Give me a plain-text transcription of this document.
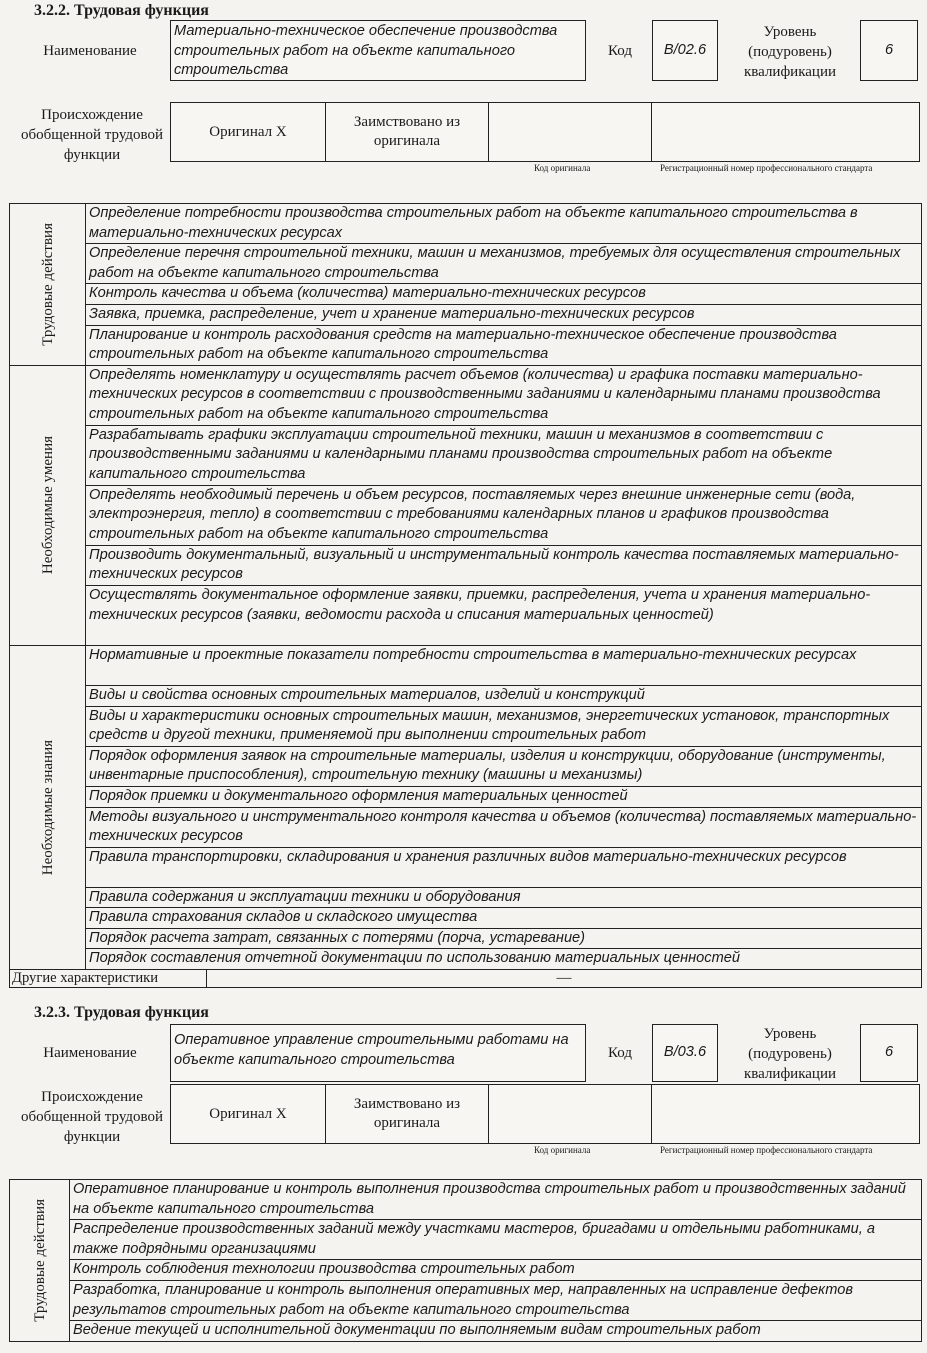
3.2.2. Трудовая функция
Наименование
Материально-техническое обеспечение производства строительных работ на объекте капитального строительства
Код	В/02.6
Уровень (подуровень) квалификации
6
Происхождение обобщенной трудовой функции
Оригинал X
Заимствовано из оригинала
Код оригинала	Регистрационный номер профессионального стандарта
Трудовые действия	Определение потребности производства строительных работ на объекте капитального строительства в материально-технических ресурсах	
	Определение перечня строительной техники, машин и механизмов, требуемых для осуществления строительных работ на объекте капитального строительства	
	Контроль качества и объема (количества) материально-технических ресурсов	
	Заявка, приемка, распределение, учет и хранение материально-технических ресурсов	
	Планирование и контроль расходования средств на материально-техническое обеспечение производства строительных работ на объекте капитального строительства	

Необходимые умения	Определять номенклатуру и осуществлять расчет объемов (количества) и графика поставки материально-технических ресурсов в соответствии с производственными заданиями и календарными планами производства строительных работ на объекте капитального строительства	
	Разрабатывать графики эксплуатации строительной техники, машин и механизмов в соответствии с производственными заданиями и календарными планами производства строительных работ на объекте капитального строительства	
	Определять необходимый перечень и объем ресурсов, поставляемых через внешние инженерные сети (вода, электроэнергия, тепло) в соответствии с требованиями календарных планов и графиков производства строительных работ на объекте капитального строительства	
	Производить документальный, визуальный и инструментальный контроль качества поставляемых материально-технических ресурсов	
	Осуществлять документальное оформление заявки, приемки, распределения, учета и хранения материально-технических ресурсов (заявки, ведомости расхода и списания материальных ценностей)	

Необходимые знания	Нормативные и проектные показатели потребности строительства в материально-технических ресурсах	
	Виды и свойства основных строительных материалов, изделий и конструкций	
	Виды и характеристики основных строительных машин, механизмов, энергетических установок, транспортных средств и другой техники, применяемой при выполнении строительных работ	
	Порядок оформления заявок на строительные материалы, изделия и конструкции, оборудование (инструменты, инвентарные приспособления), строительную технику (машины и механизмы)	
	Порядок приемки и документального оформления материальных ценностей	
	Методы визуального и инструментального контроля качества и объемов (количества) поставляемых материально-технических ресурсов	
	Правила транспортировки, складирования и хранения различных видов материально-технических ресурсов	
	Правила содержания и эксплуатации техники и оборудования	
	Правила страхования складов и складского имущества	
	Порядок расчета затрат, связанных с потерями (порча, устаревание)	
	Порядок составления отчетной документации по использованию материальных ценностей	
Другие характеристики		—
3.2.3. Трудовая функция
Наименование
Оперативное управление строительными работами на объекте капитального строительства	Код	В/03.6
Уровень (подуровень) квалификации
6
Происхождение обобщенной трудовой функции
Оригинал X
Заимствовано из оригинала
Код оригинала	Регистрационный номер профессионального стандарта
Трудовые действия
	Оперативное планирование и контроль выполнения производства строительных работ и производственных заданий на объекте капитального строительства
Распределение производственных заданий между участками мастеров, бригадами и отдельными работниками, а также подрядными организациями
Контроль соблюдения технологии производства строительных работ
Разработка, планирование и контроль выполнения оперативных мер, направленных на исправление дефектов результатов строительных работ на объекте капитального строительства
Ведение текущей и исполнительной документации по выполняемым видам строительных работ
